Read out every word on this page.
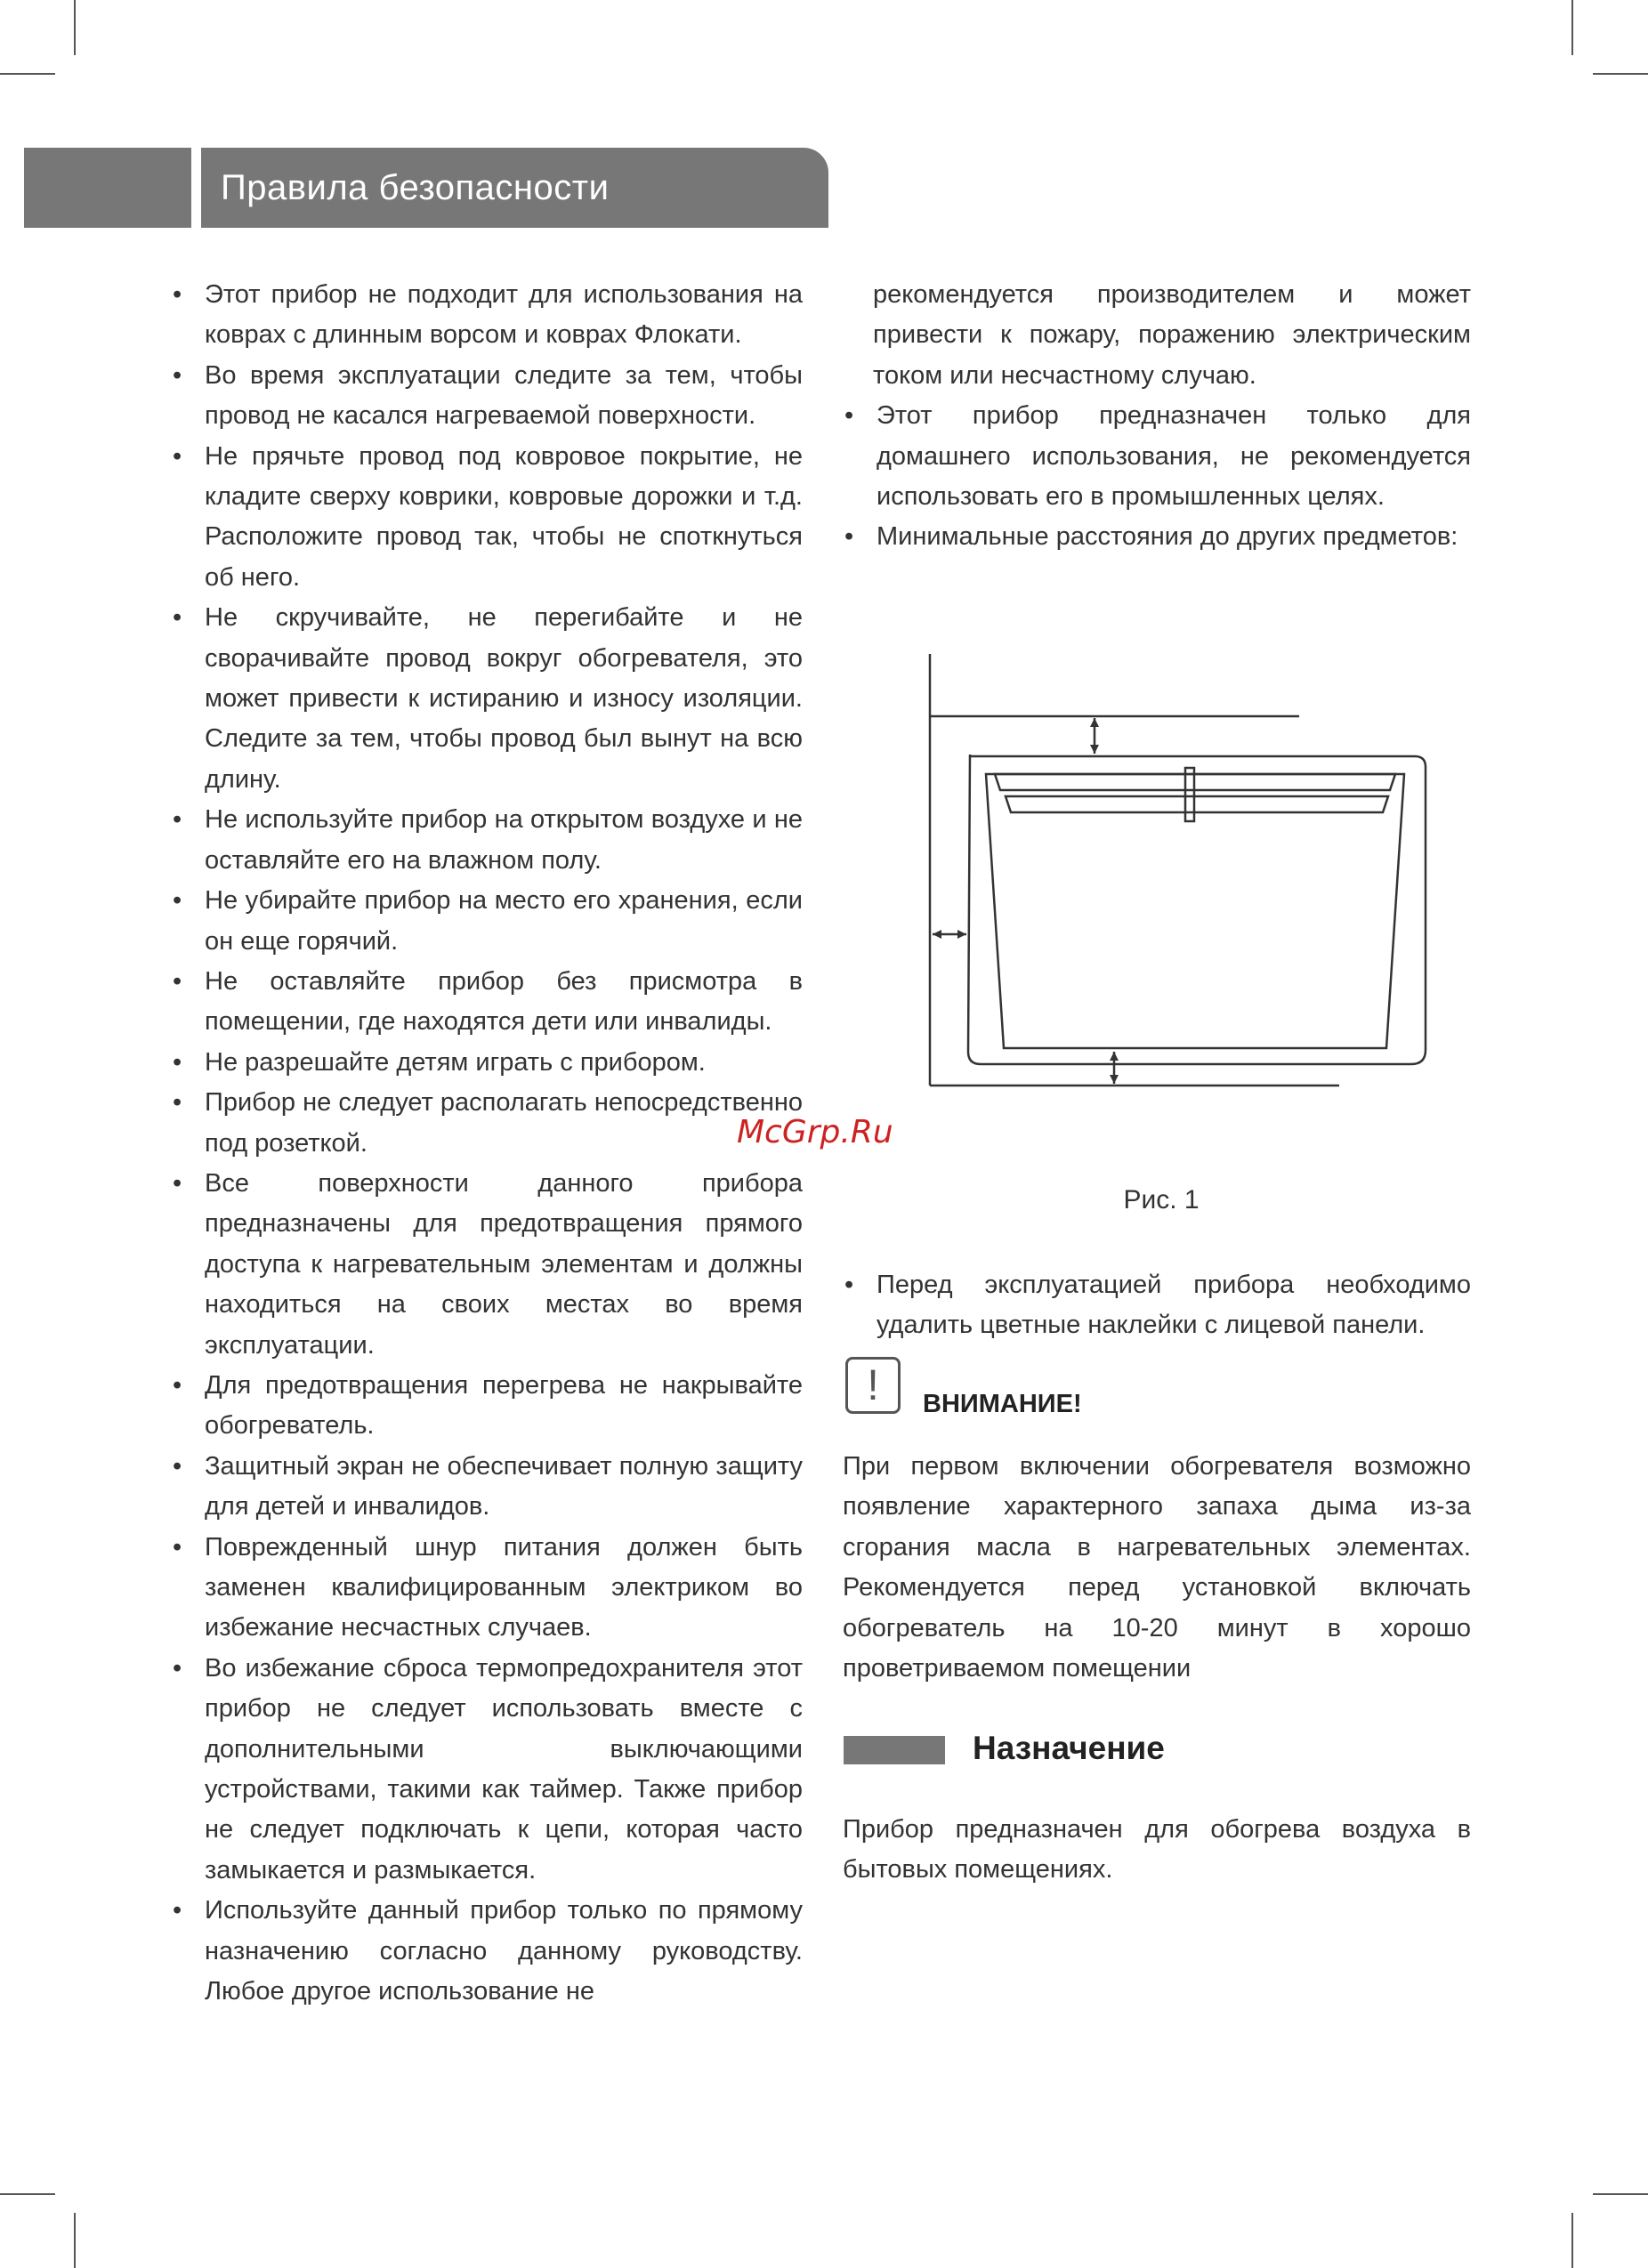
Правила безопасности
• Этот прибор не подходит для использования на коврах с длинным ворсом и коврах Флокати.
• Во время эксплуатации следите за тем, чтобы провод не касался нагреваемой поверхности.
• Не прячьте провод под ковровое покрытие, не кладите сверху коврики, ковровые дорожки и т.д. Расположите провод так, чтобы не споткнуться об него.
• Не скручивайте, не перегибайте и не сворачивайте провод вокруг обогревателя, это может привести к истиранию и износу изоляции. Следите за тем, чтобы провод был вынут на всю длину.
• Не используйте прибор на открытом воздухе и не оставляйте его на влажном полу.
• Не убирайте прибор на место его хранения, если он еще горячий.
• Не оставляйте прибор без присмотра в помещении, где находятся дети или инвалиды.
• Не разрешайте детям играть с прибором.
• Прибор не следует располагать непосредственно под розеткой.
• Все поверхности данного прибора предназначены для предотвращения прямого доступа к нагревательным элементам и должны находиться на своих местах во время эксплуатации.
• Для предотвращения перегрева не накрывайте обогреватель.
• Защитный экран не обеспечивает полную защиту для детей и инвалидов.
• Поврежденный шнур питания должен быть заменен квалифицированным электриком во избежание несчастных случаев.
• Во избежание сброса термопредохранителя этот прибор не следует использовать вместе с дополнительными выключающими устройствами, такими как таймер. Также прибор не следует подключать к цепи, которая часто замыкается и размыкается.
• Используйте данный прибор только по прямому назначению согласно данному руководству. Любое другое использование не

рекомендуется производителем и может привести к пожару, поражению электрическим током или несчастному случаю.

• Этот прибор предназначен только для домашнего использования, не рекомендуется использовать его в промышленных целях.
• Минимальные расстояния до других предметов:
McGrp.Ru
Рис. 1
• Перед эксплуатацией прибора необходимо удалить цветные наклейки с лицевой панели.
!	ВНИМАНИЕ!

При первом включении обогревателя возможно появление характерного запаха дыма из-за сгорания масла в нагревательных элементах. Рекомендуется перед установкой включать обогреватель на 10-20 минут в хорошо проветриваемом помещении

Назначение

Прибор предназначен для обогрева воздуха в бытовых помещениях.
